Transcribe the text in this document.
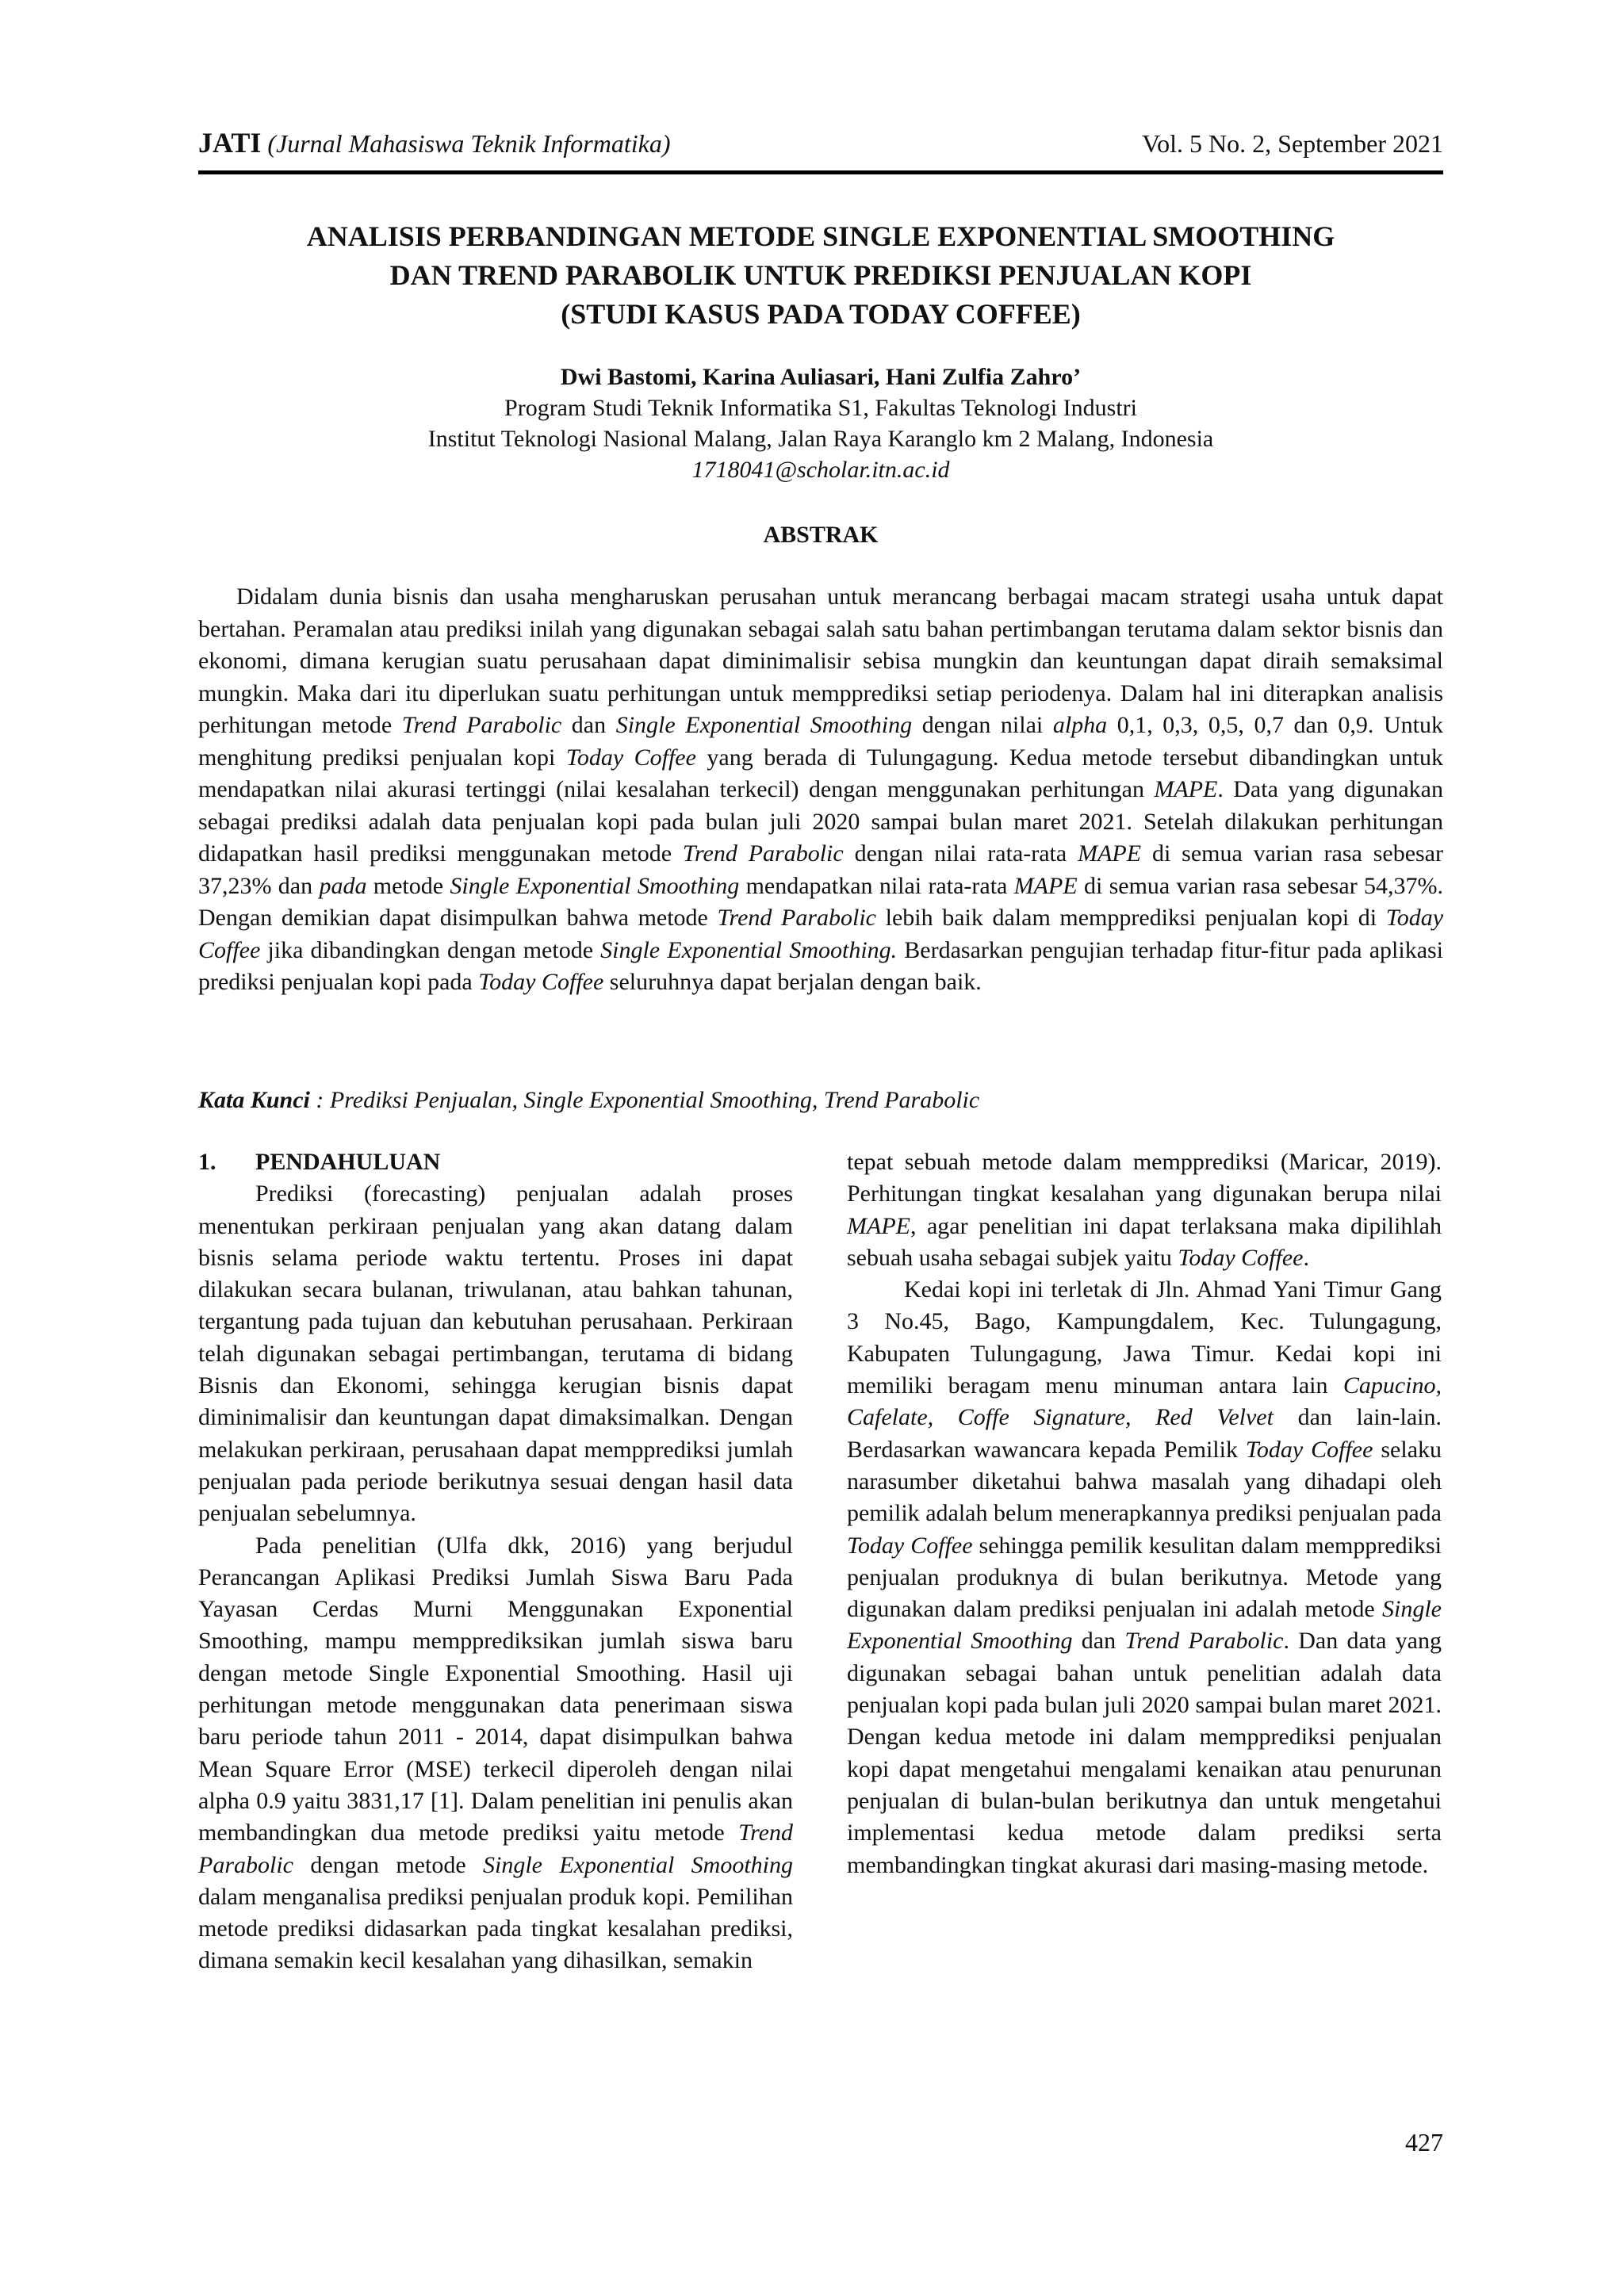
JATI (Jurnal Mahasiswa Teknik Informatika)	Vol. 5 No. 2, September 2021
ANALISIS PERBANDINGAN METODE SINGLE EXPONENTIAL SMOOTHING
DAN TREND PARABOLIK UNTUK PREDIKSI PENJUALAN KOPI
(STUDI KASUS PADA TODAY COFFEE)
Dwi Bastomi, Karina Auliasari, Hani Zulfia Zahro’
Program Studi Teknik Informatika S1, Fakultas Teknologi Industri
Institut Teknologi Nasional Malang, Jalan Raya Karanglo km 2 Malang, Indonesia
1718041@scholar.itn.ac.id
ABSTRAK

Didalam dunia bisnis dan usaha mengharuskan perusahan untuk merancang berbagai macam strategi usaha untuk dapat bertahan. Peramalan atau prediksi inilah yang digunakan sebagai salah satu bahan pertimbangan terutama dalam sektor bisnis dan ekonomi, dimana kerugian suatu perusahaan dapat diminimalisir sebisa mungkin dan keuntungan dapat diraih semaksimal mungkin. Maka dari itu diperlukan suatu perhitungan untuk mempprediksi setiap periodenya. Dalam hal ini diterapkan analisis perhitungan metode Trend Parabolic dan Single Exponential Smoothing dengan nilai alpha 0,1, 0,3, 0,5, 0,7 dan 0,9. Untuk menghitung prediksi penjualan kopi Today Coffee yang berada di Tulungagung. Kedua metode tersebut dibandingkan untuk mendapatkan nilai akurasi tertinggi (nilai kesalahan terkecil) dengan menggunakan perhitungan MAPE. Data yang digunakan sebagai prediksi adalah data penjualan kopi pada bulan juli 2020 sampai bulan maret 2021. Setelah dilakukan perhitungan didapatkan hasil prediksi menggunakan metode Trend Parabolic dengan nilai rata-rata MAPE di semua varian rasa sebesar 37,23% dan pada metode Single Exponential Smoothing mendapatkan nilai rata-rata MAPE di semua varian rasa sebesar 54,37%. Dengan demikian dapat disimpulkan bahwa metode Trend Parabolic lebih baik dalam mempprediksi penjualan kopi di Today Coffee jika dibandingkan dengan metode Single Exponential Smoothing. Berdasarkan pengujian terhadap fitur-fitur pada aplikasi prediksi penjualan kopi pada Today Coffee seluruhnya dapat berjalan dengan baik.

Kata Kunci : Prediksi Penjualan, Single Exponential Smoothing, Trend Parabolic
1.	PENDAHULUAN

Prediksi (forecasting) penjualan adalah proses menentukan perkiraan penjualan yang akan datang dalam bisnis selama periode waktu tertentu. Proses ini dapat dilakukan secara bulanan, triwulanan, atau bahkan tahunan, tergantung pada tujuan dan kebutuhan perusahaan. Perkiraan telah digunakan sebagai pertimbangan, terutama di bidang Bisnis dan Ekonomi, sehingga kerugian bisnis dapat diminimalisir dan keuntungan dapat dimaksimalkan. Dengan melakukan perkiraan, perusahaan dapat mempprediksi jumlah penjualan pada periode berikutnya sesuai dengan hasil data penjualan sebelumnya.

Pada penelitian (Ulfa dkk, 2016) yang berjudul Perancangan Aplikasi Prediksi Jumlah Siswa Baru Pada Yayasan Cerdas Murni Menggunakan Exponential Smoothing, mampu mempprediksikan jumlah siswa baru dengan metode Single Exponential Smoothing. Hasil uji perhitungan metode menggunakan data penerimaan siswa baru periode tahun 2011 - 2014, dapat disimpulkan bahwa Mean Square Error (MSE) terkecil diperoleh dengan nilai alpha 0.9 yaitu 3831,17 [1]. Dalam penelitian ini penulis akan membandingkan dua metode prediksi yaitu metode Trend Parabolic dengan metode Single Exponential Smoothing dalam menganalisa prediksi penjualan produk kopi. Pemilihan metode prediksi didasarkan pada tingkat kesalahan prediksi, dimana semakin kecil kesalahan yang dihasilkan, semakin

tepat sebuah metode dalam mempprediksi (Maricar, 2019). Perhitungan tingkat kesalahan yang digunakan berupa nilai MAPE, agar penelitian ini dapat terlaksana maka dipilihlah sebuah usaha sebagai subjek yaitu Today Coffee.

Kedai kopi ini terletak di Jln. Ahmad Yani Timur Gang 3 No.45, Bago, Kampungdalem, Kec. Tulungagung, Kabupaten Tulungagung, Jawa Timur. Kedai kopi ini memiliki beragam menu minuman antara lain Capucino, Cafelate, Coffe Signature, Red Velvet dan lain-lain. Berdasarkan wawancara kepada Pemilik Today Coffee selaku narasumber diketahui bahwa masalah yang dihadapi oleh pemilik adalah belum menerapkannya prediksi penjualan pada Today Coffee sehingga pemilik kesulitan dalam mempprediksi penjualan produknya di bulan berikutnya. Metode yang digunakan dalam prediksi penjualan ini adalah metode Single Exponential Smoothing dan Trend Parabolic. Dan data yang digunakan sebagai bahan untuk penelitian adalah data penjualan kopi pada bulan juli 2020 sampai bulan maret 2021. Dengan kedua metode ini dalam mempprediksi penjualan kopi dapat mengetahui mengalami kenaikan atau penurunan penjualan di bulan-bulan berikutnya dan untuk mengetahui implementasi kedua metode dalam prediksi serta membandingkan tingkat akurasi dari masing-masing metode.

427
